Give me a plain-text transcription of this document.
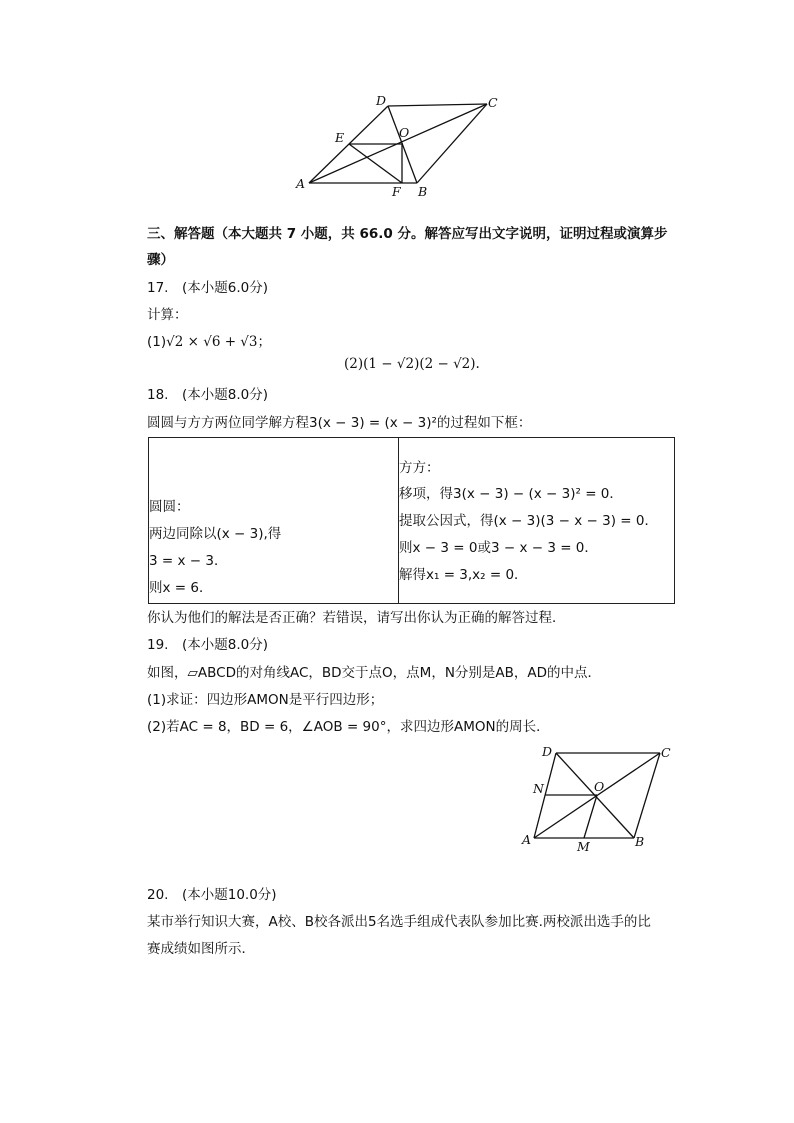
A
B
C
D
E
F
O
三、解答题（本大题共 7 小题，共 66.0 分。解答应写出文字说明，证明过程或演算步
骤）
17.　(本小题6.0分)
计算：
(1)√2 × √6 + √3；
(2)(1 − √2)(2 − √2).
18.　(本小题8.0分)
圆圆与方方两位同学解方程3(x − 3) = (x − 3)²的过程如下框：
圆圆：
两边同除以(x − 3),得
3 = x − 3．
则x = 6．
方方：
移项，得3(x − 3) − (x − 3)² = 0．
提取公因式，得(x − 3)(3 − x − 3) = 0．
则x − 3 = 0或3 − x − 3 = 0．
解得x₁ = 3,x₂ = 0．
你认为他们的解法是否正确？若错误，请写出你认为正确的解答过程．
19.　(本小题8.0分)
如图，▱ABCD的对角线AC，BD交于点O，点M，N分别是AB，AD的中点．
(1)求证：四边形AMON是平行四边形；
(2)若AC = 8，BD = 6，∠AOB = 90°，求四边形AMON的周长．
A	B
C
D
M
N	O
20.　(本小题10.0分)
某市举行知识大赛，A校、B校各派出5名选手组成代表队参加比赛.两校派出选手的比
赛成绩如图所示．
